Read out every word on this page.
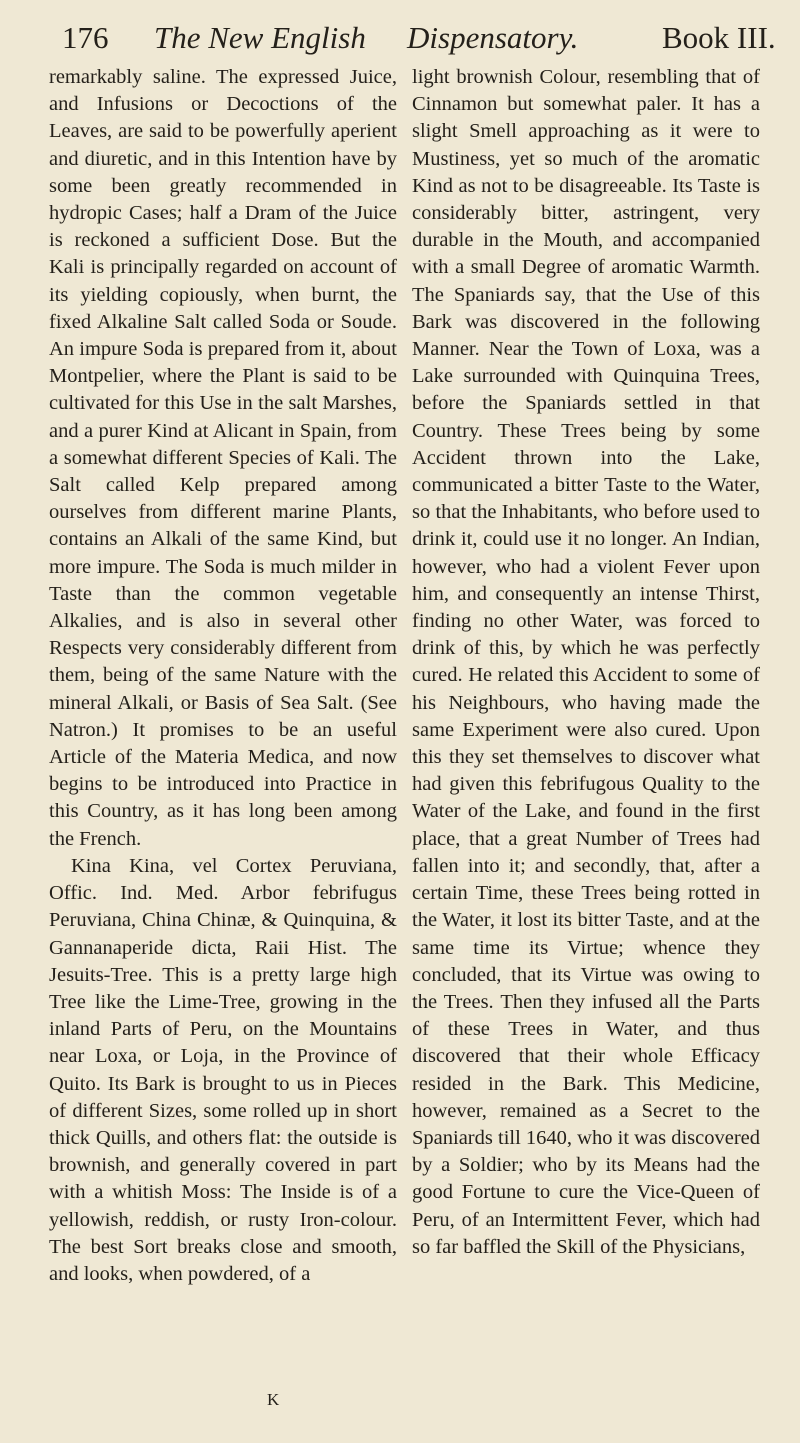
176 The New English Dispensatory.	Book III.

remarkably saline. The expressed Juice, and Infusions or Decoctions of the Leaves, are said to be powerfully aperient and diuretic, and in this Intention have by some been greatly recommended in hydropic Cases; half a Dram of the Juice is reckoned a sufficient Dose. But the Kali is principally regarded on account of its yielding copiously, when burnt, the fixed Alkaline Salt called Soda or Soude. An impure Soda is prepared from it, about Montpelier, where the Plant is said to be cultivated for this Use in the salt Marshes, and a purer Kind at Alicant in Spain, from a somewhat different Species of Kali. The Salt called Kelp prepared among ourselves from different marine Plants, contains an Alkali of the same Kind, but more impure. The Soda is much milder in Taste than the common vegetable Alkalies, and is also in several other Respects very considerably different from them, being of the same Nature with the mineral Alkali, or Basis of Sea Salt. (See Natron.) It promises to be an useful Article of the Materia Medica, and now begins to be introduced into Practice in this Country, as it has long been among the French.

Kina Kina, vel Cortex Peruviana, Offic. Ind. Med. Arbor febrifugus Peruviana, China Chinæ, & Quinquina, & Gannanaperide dicta, Raii Hist. The Jesuits-Tree. This is a pretty large high Tree like the Lime-Tree, growing in the inland Parts of Peru, on the Mountains near Loxa, or Loja, in the Province of Quito. Its Bark is brought to us in Pieces of different Sizes, some rolled up in short thick Quills, and others flat: the outside is brownish, and generally covered in part with a whitish Moss: The Inside is of a yellowish, reddish, or rusty Iron-colour. The best Sort breaks close and smooth, and looks, when powdered, of a

light brownish Colour, resembling that of Cinnamon but somewhat paler. It has a slight Smell approaching as it were to Mustiness, yet so much of the aromatic Kind as not to be disagreeable. Its Taste is considerably bitter, astringent, very durable in the Mouth, and accompanied with a small Degree of aromatic Warmth. The Spaniards say, that the Use of this Bark was discovered in the following Manner. Near the Town of Loxa, was a Lake surrounded with Quinquina Trees, before the Spaniards settled in that Country. These Trees being by some Accident thrown into the Lake, communicated a bitter Taste to the Water, so that the Inhabitants, who before used to drink it, could use it no longer. An Indian, however, who had a violent Fever upon him, and consequently an intense Thirst, finding no other Water, was forced to drink of this, by which he was perfectly cured. He related this Accident to some of his Neighbours, who having made the same Experiment were also cured. Upon this they set themselves to discover what had given this febrifugous Quality to the Water of the Lake, and found in the first place, that a great Number of Trees had fallen into it; and secondly, that, after a certain Time, these Trees being rotted in the Water, it lost its bitter Taste, and at the same time its Virtue; whence they concluded, that its Virtue was owing to the Trees. Then they infused all the Parts of these Trees in Water, and thus discovered that their whole Efficacy resided in the Bark. This Medicine, however, remained as a Secret to the Spaniards till 1640, who it was discovered by a Soldier; who by its Means had the good Fortune to cure the Vice-Queen of Peru, of an Intermittent Fever, which had so far baffled the Skill of the Physicians,

K
